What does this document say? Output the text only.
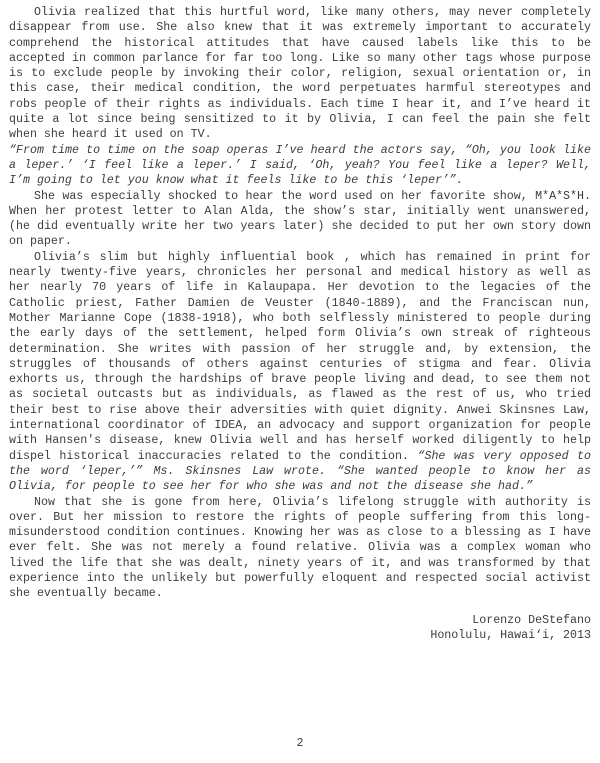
Olivia realized that this hurtful word, like many others, may never completely disappear from use. She also knew that it was extremely important to accurately comprehend the historical attitudes that have caused labels like this to be accepted in common parlance for far too long. Like so many other tags whose purpose is to exclude people by invoking their color, religion, sexual orientation or, in this case, their medical condition, the word perpetuates harmful stereotypes and robs people of their rights as individuals. Each time I hear it, and I’ve heard it quite a lot since being sensitized to it by Olivia, I can feel the pain she felt when she heard it used on TV.

“From time to time on the soap operas I’ve heard the actors say, “Oh, you look like a leper.’ ‘I feel like a leper.’ I said, ‘Oh, yeah? You feel like a leper? Well, I’m going to let you know what it feels like to be this ‘leper’”.

She was especially shocked to hear the word used on her favorite show, M*A*S*H. When her protest letter to Alan Alda, the show’s star, initially went unanswered, (he did eventually write her two years later) she decided to put her own story down on paper.

Olivia’s slim but highly influential book , which has remained in print for nearly twenty-five years, chronicles her personal and medical history as well as her nearly 70 years of life in Kalaupapa. Her devotion to the legacies of the Catholic priest, Father Damien de Veuster (1840-1889), and the Franciscan nun, Mother Marianne Cope (1838-1918), who both selflessly ministered to people during the early days of the settlement, helped form Olivia’s own streak of righteous determination. She writes with passion of her struggle and, by extension, the struggles of thousands of others against centuries of stigma and fear. Olivia exhorts us, through the hardships of brave people living and dead, to see them not as societal outcasts but as individuals, as flawed as the rest of us, who tried their best to rise above their adversities with quiet dignity. Anwei Skinsnes Law, international coordinator of IDEA, an advocacy and support organization for people with Hansen's disease, knew Olivia well and has herself worked diligently to help dispel historical inaccuracies related to the condition. “She was very opposed to the word ‘leper,’” Ms. Skinsnes Law wrote. “She wanted people to know her as Olivia, for people to see her for who she was and not the disease she had.”

Now that she is gone from here, Olivia’s lifelong struggle with authority is over. But her mission to restore the rights of people suffering from this long-misunderstood condition continues. Knowing her was as close to a blessing as I have ever felt. She was not merely a found relative. Olivia was a complex woman who lived the life that she was dealt, ninety years of it, and was transformed by that experience into the unlikely but powerfully eloquent and respected social activist she eventually became.

Lorenzo DeStefano
Honolulu, Hawai‘i, 2013
2
